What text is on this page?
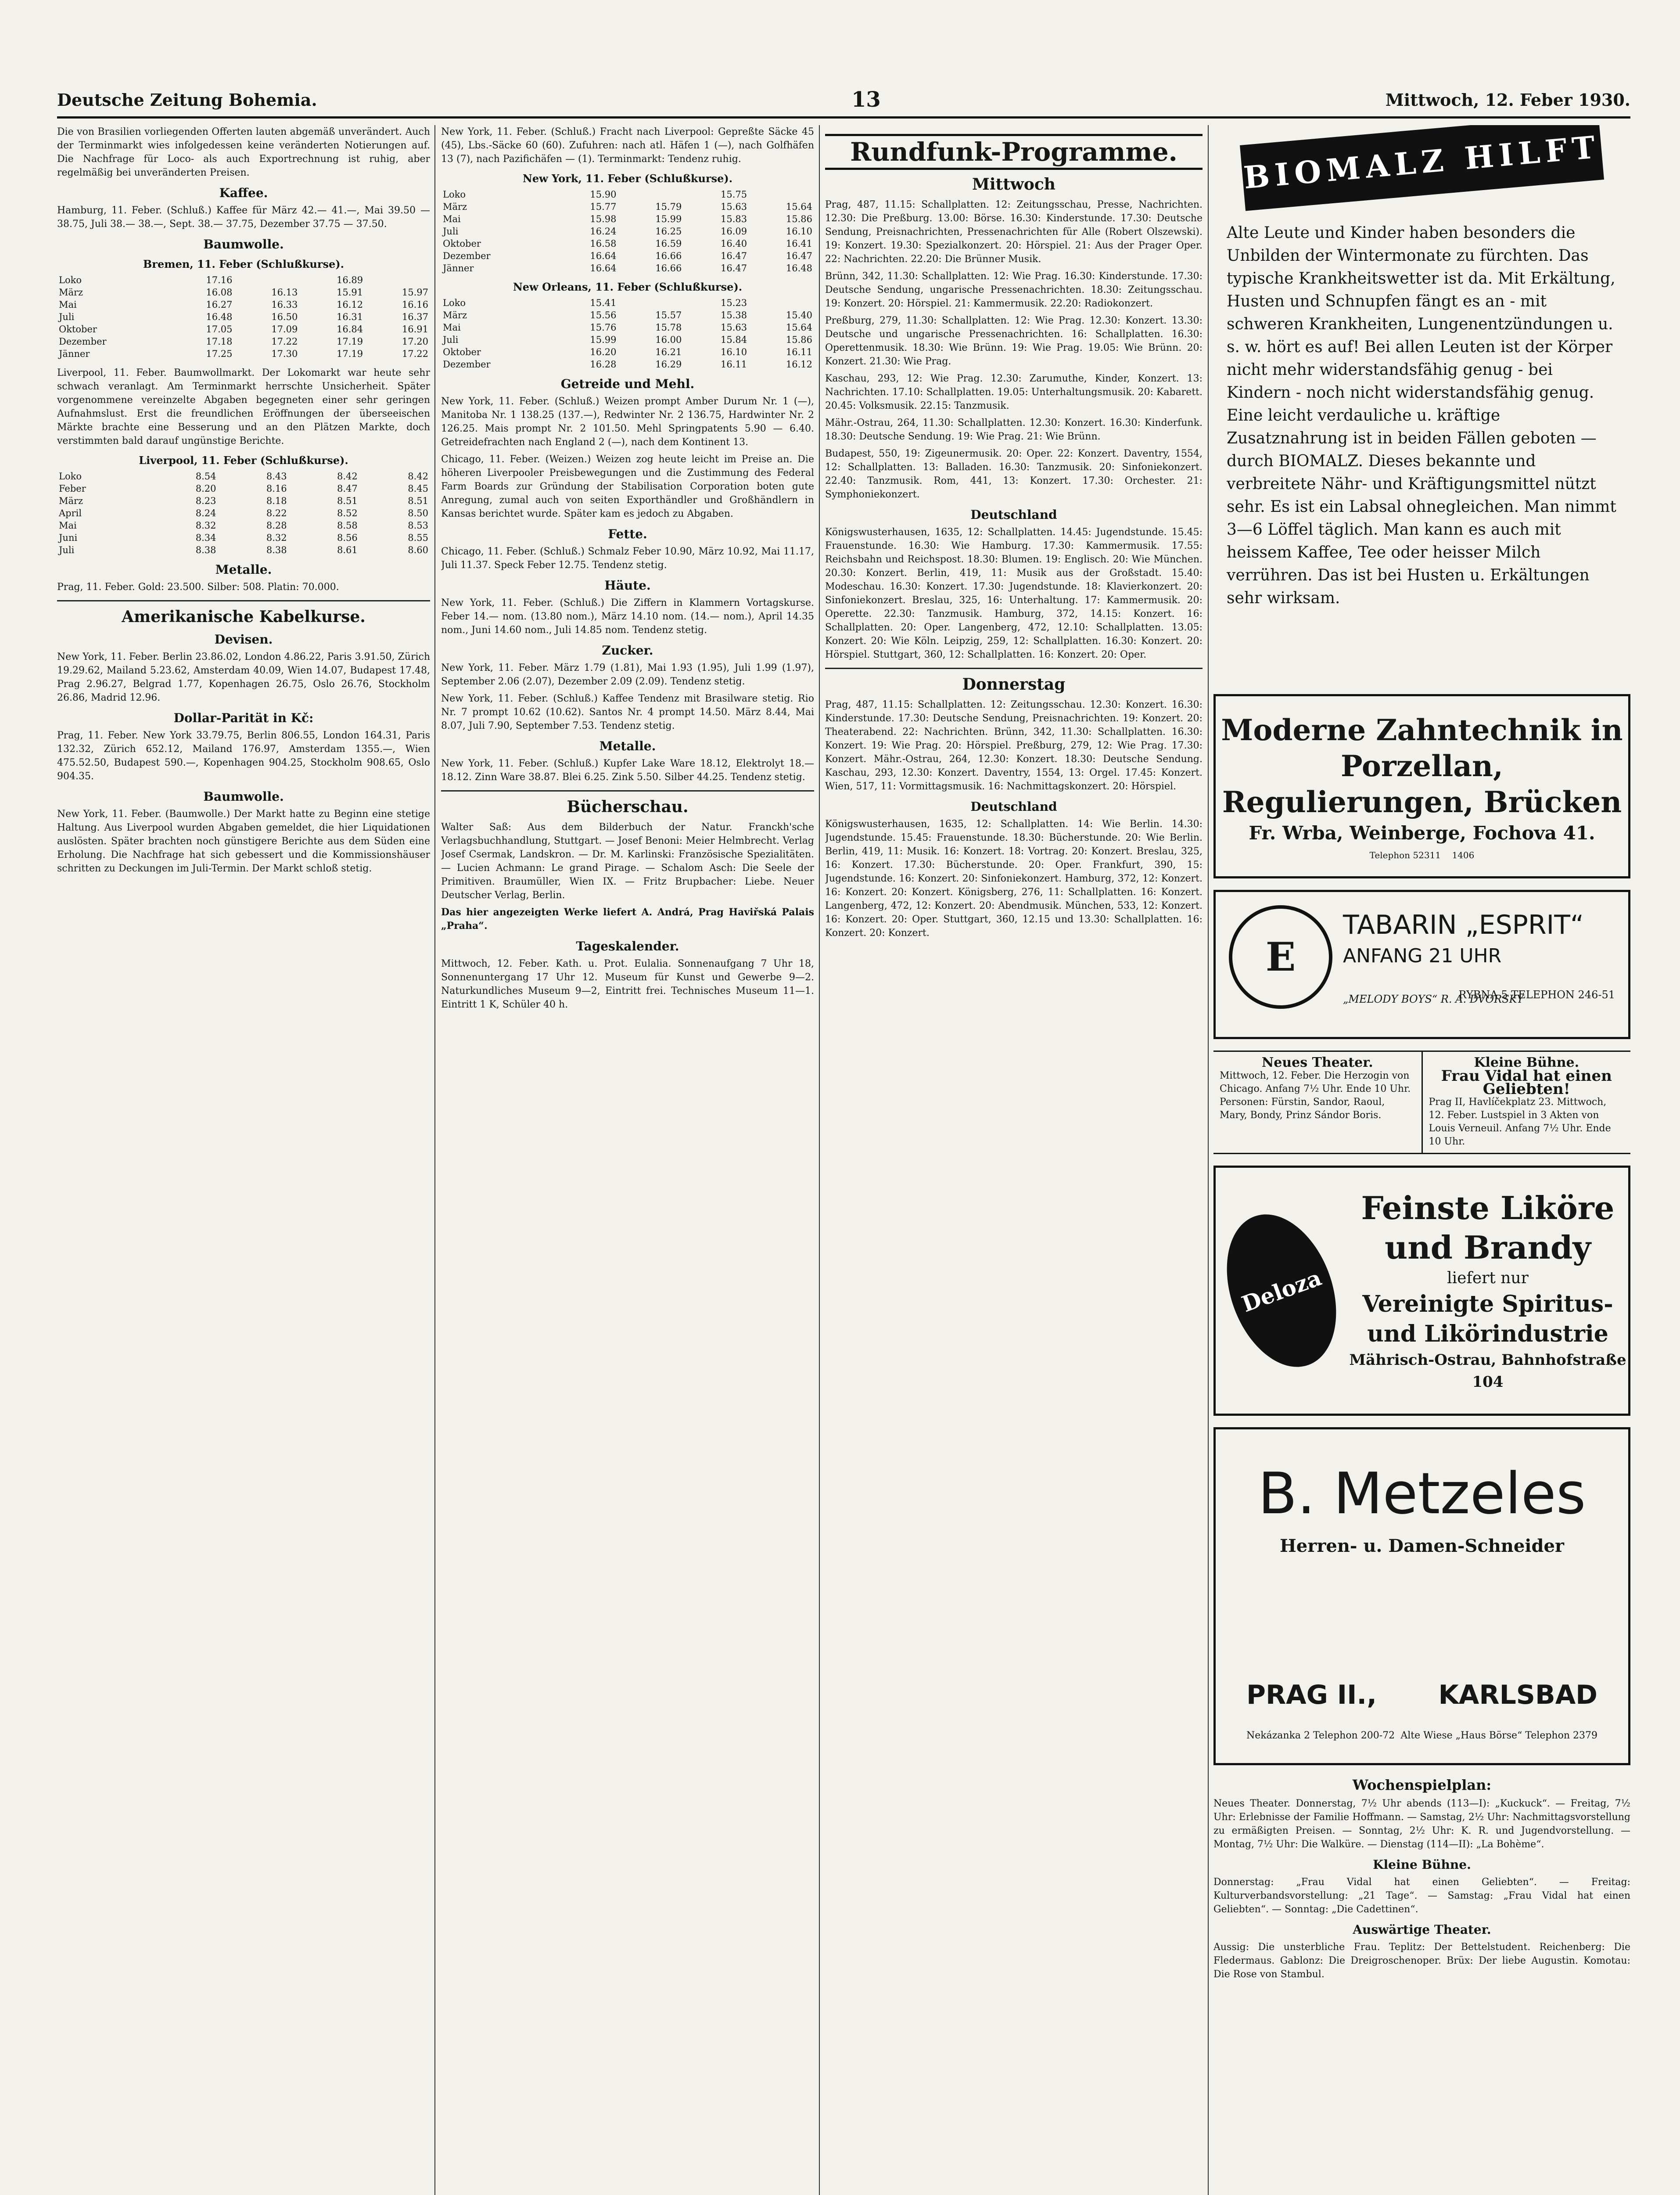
Deutsche Zeitung Bohemia.	13	Mittwoch, 12. Feber 1930.

Die von Brasilien vorliegenden Offerten lauten abgemäß unverändert. Auch der Terminmarkt wies infolgedessen keine veränderten Notierungen auf. Die Nachfrage für Loco- als auch Exportrechnung ist ruhig, aber regelmäßig bei unveränderten Preisen.

Kaffee.

Hamburg, 11. Feber. (Schluß.) Kaffee für März 42.— 41.—, Mai 39.50 — 38.75, Juli 38.— 38.—, Sept. 38.— 37.75, Dezember 37.75 — 37.50.

Baumwolle.
Bremen, 11. Feber (Schlußkurse).
Loko	17.16		16.89	
März	16.08	16.13	15.91	15.97
Mai	16.27	16.33	16.12	16.16
Juli	16.48	16.50	16.31	16.37
Oktober	17.05	17.09	16.84	16.91
Dezember	17.18	17.22	17.19	17.20
Jänner	17.25	17.30	17.19	17.22

Liverpool, 11. Feber. Baumwollmarkt. Der Lokomarkt war heute sehr schwach veranlagt. Am Terminmarkt herrschte Unsicherheit. Später vorgenommene vereinzelte Abgaben begegneten einer sehr geringen Aufnahmslust. Erst die freundlichen Eröffnungen der überseeischen Märkte brachte eine Besserung und an den Plätzen Markte, doch verstimmten bald darauf ungünstige Berichte.

Liverpool, 11. Feber (Schlußkurse).
Loko	8.54	8.43	8.42	8.42
Feber	8.20	8.16	8.47	8.45
März	8.23	8.18	8.51	8.51
April	8.24	8.22	8.52	8.50
Mai	8.32	8.28	8.58	8.53
Juni	8.34	8.32	8.56	8.55
Juli	8.38	8.38	8.61	8.60
Metalle.

Prag, 11. Feber. Gold: 23.500. Silber: 508. Platin: 70.000.

Amerikanische Kabelkurse.
Devisen.

New York, 11. Feber. Berlin 23.86.02, London 4.86.22, Paris 3.91.50, Zürich 19.29.62, Mailand 5.23.62, Amsterdam 40.09, Wien 14.07, Budapest 17.48, Prag 2.96.27, Belgrad 1.77, Kopenhagen 26.75, Oslo 26.76, Stockholm 26.86, Madrid 12.96.

Dollar-Parität in Kč:

Prag, 11. Feber. New York 33.79.75, Berlin 806.55, London 164.31, Paris 132.32, Zürich 652.12, Mailand 176.97, Amsterdam 1355.—, Wien 475.52.50, Budapest 590.—, Kopenhagen 904.25, Stockholm 908.65, Oslo 904.35.

Baumwolle.

New York, 11. Feber. (Baumwolle.) Der Markt hatte zu Beginn eine stetige Haltung. Aus Liverpool wurden Abgaben gemeldet, die hier Liquidationen auslösten. Später brachten noch günstigere Berichte aus dem Süden eine Erholung. Die Nachfrage hat sich gebessert und die Kommissionshäuser schritten zu Deckungen im Juli-Termin. Der Markt schloß stetig.

New York, 11. Feber. (Schluß.) Fracht nach Liverpool: Gepreßte Säcke 45 (45), Lbs.-Säcke 60 (60). Zufuhren: nach atl. Häfen 1 (—), nach Golfhäfen 13 (7), nach Pazifichäfen — (1). Terminmarkt: Tendenz ruhig.

New York, 11. Feber (Schlußkurse).
Loko	15.90		15.75	
März	15.77	15.79	15.63	15.64
Mai	15.98	15.99	15.83	15.86
Juli	16.24	16.25	16.09	16.10
Oktober	16.58	16.59	16.40	16.41
Dezember	16.64	16.66	16.47	16.47
Jänner	16.64	16.66	16.47	16.48
New Orleans, 11. Feber (Schlußkurse).
Loko	15.41		15.23	
März	15.56	15.57	15.38	15.40
Mai	15.76	15.78	15.63	15.64
Juli	15.99	16.00	15.84	15.86
Oktober	16.20	16.21	16.10	16.11
Dezember	16.28	16.29	16.11	16.12
Getreide und Mehl.

New York, 11. Feber. (Schluß.) Weizen prompt Amber Durum Nr. 1 (—), Manitoba Nr. 1 138.25 (137.—), Redwinter Nr. 2 136.75, Hardwinter Nr. 2 126.25. Mais prompt Nr. 2 101.50. Mehl Springpatents 5.90 — 6.40. Getreidefrachten nach England 2 (—), nach dem Kontinent 13.

Chicago, 11. Feber. (Weizen.) Weizen zog heute leicht im Preise an. Die höheren Liverpooler Preisbewegungen und die Zustimmung des Federal Farm Boards zur Gründung der Stabilisation Corporation boten gute Anregung, zumal auch von seiten Exporthändler und Großhändlern in Kansas berichtet wurde. Später kam es jedoch zu Abgaben.

Fette.

Chicago, 11. Feber. (Schluß.) Schmalz Feber 10.90, März 10.92, Mai 11.17, Juli 11.37. Speck Feber 12.75. Tendenz stetig.

Häute.

New York, 11. Feber. (Schluß.) Die Ziffern in Klammern Vortagskurse. Feber 14.— nom. (13.80 nom.), März 14.10 nom. (14.— nom.), April 14.35 nom., Juni 14.60 nom., Juli 14.85 nom. Tendenz stetig.

Zucker.

New York, 11. Feber. März 1.79 (1.81), Mai 1.93 (1.95), Juli 1.99 (1.97), September 2.06 (2.07), Dezember 2.09 (2.09). Tendenz stetig.

New York, 11. Feber. (Schluß.) Kaffee Tendenz mit Brasilware stetig. Rio Nr. 7 prompt 10.62 (10.62). Santos Nr. 4 prompt 14.50. März 8.44, Mai 8.07, Juli 7.90, September 7.53. Tendenz stetig.

Metalle.

New York, 11. Feber. (Schluß.) Kupfer Lake Ware 18.12, Elektrolyt 18.— 18.12. Zinn Ware 38.87. Blei 6.25. Zink 5.50. Silber 44.25. Tendenz stetig.

Bücherschau.

Walter Saß: Aus dem Bilderbuch der Natur. Franckh'sche Verlagsbuchhandlung, Stuttgart. — Josef Benoni: Meier Helmbrecht. Verlag Josef Csermak, Landskron. — Dr. M. Karlinski: Französische Spezialitäten. — Lucien Achmann: Le grand Pirage. — Schalom Asch: Die Seele der Primitiven. Braumüller, Wien IX. — Fritz Brupbacher: Liebe. Neuer Deutscher Verlag, Berlin.

Das hier angezeigten Werke liefert A. Andrá, Prag Haviřská Palais „Praha“.

Tageskalender.

Mittwoch, 12. Feber. Kath. u. Prot. Eulalia. Sonnenaufgang 7 Uhr 18, Sonnenuntergang 17 Uhr 12. Museum für Kunst und Gewerbe 9—2. Naturkundliches Museum 9—2, Eintritt frei. Technisches Museum 11—1. Eintritt 1 K, Schüler 40 h.

Rundfunk-Programme.
Mittwoch

Prag, 487, 11.15: Schallplatten. 12: Zeitungsschau, Presse, Nachrichten. 12.30: Die Preßburg. 13.00: Börse. 16.30: Kinderstunde. 17.30: Deutsche Sendung, Preisnachrichten, Pressenachrichten für Alle (Robert Olszewski). 19: Konzert. 19.30: Spezialkonzert. 20: Hörspiel. 21: Aus der Prager Oper. 22: Nachrichten. 22.20: Die Brünner Musik.

Brünn, 342, 11.30: Schallplatten. 12: Wie Prag. 16.30: Kinderstunde. 17.30: Deutsche Sendung, ungarische Pressenachrichten. 18.30: Zeitungsschau. 19: Konzert. 20: Hörspiel. 21: Kammermusik. 22.20: Radiokonzert.

Preßburg, 279, 11.30: Schallplatten. 12: Wie Prag. 12.30: Konzert. 13.30: Deutsche und ungarische Pressenachrichten. 16: Schallplatten. 16.30: Operettenmusik. 18.30: Wie Brünn. 19: Wie Prag. 19.05: Wie Brünn. 20: Konzert. 21.30: Wie Prag.

Kaschau, 293, 12: Wie Prag. 12.30: Zarumuthe, Kinder, Konzert. 13: Nachrichten. 17.10: Schallplatten. 19.05: Unterhaltungsmusik. 20: Kabarett. 20.45: Volksmusik. 22.15: Tanzmusik.

Mähr.-Ostrau, 264, 11.30: Schallplatten. 12.30: Konzert. 16.30: Kinderfunk. 18.30: Deutsche Sendung. 19: Wie Prag. 21: Wie Brünn.

Budapest, 550, 19: Zigeunermusik. 20: Oper. 22: Konzert. Daventry, 1554, 12: Schallplatten. 13: Balladen. 16.30: Tanzmusik. 20: Sinfoniekonzert. 22.40: Tanzmusik. Rom, 441, 13: Konzert. 17.30: Orchester. 21: Symphoniekonzert.

Deutschland

Königswusterhausen, 1635, 12: Schallplatten. 14.45: Jugendstunde. 15.45: Frauenstunde. 16.30: Wie Hamburg. 17.30: Kammermusik. 17.55: Reichsbahn und Reichspost. 18.30: Blumen. 19: Englisch. 20: Wie München. 20.30: Konzert. Berlin, 419, 11: Musik aus der Großstadt. 15.40: Modeschau. 16.30: Konzert. 17.30: Jugendstunde. 18: Klavierkonzert. 20: Sinfoniekonzert. Breslau, 325, 16: Unterhaltung. 17: Kammermusik. 20: Operette. 22.30: Tanzmusik. Hamburg, 372, 14.15: Konzert. 16: Schallplatten. 20: Oper. Langenberg, 472, 12.10: Schallplatten. 13.05: Konzert. 20: Wie Köln. Leipzig, 259, 12: Schallplatten. 16.30: Konzert. 20: Hörspiel. Stuttgart, 360, 12: Schallplatten. 16: Konzert. 20: Oper.

Donnerstag

Prag, 487, 11.15: Schallplatten. 12: Zeitungsschau. 12.30: Konzert. 16.30: Kinderstunde. 17.30: Deutsche Sendung, Preisnachrichten. 19: Konzert. 20: Theaterabend. 22: Nachrichten. Brünn, 342, 11.30: Schallplatten. 16.30: Konzert. 19: Wie Prag. 20: Hörspiel. Preßburg, 279, 12: Wie Prag. 17.30: Konzert. Mähr.-Ostrau, 264, 12.30: Konzert. 18.30: Deutsche Sendung. Kaschau, 293, 12.30: Konzert. Daventry, 1554, 13: Orgel. 17.45: Konzert. Wien, 517, 11: Vormittagsmusik. 16: Nachmittagskonzert. 20: Hörspiel.

Deutschland

Königswusterhausen, 1635, 12: Schallplatten. 14: Wie Berlin. 14.30: Jugendstunde. 15.45: Frauenstunde. 18.30: Bücherstunde. 20: Wie Berlin. Berlin, 419, 11: Musik. 16: Konzert. 18: Vortrag. 20: Konzert. Breslau, 325, 16: Konzert. 17.30: Bücherstunde. 20: Oper. Frankfurt, 390, 15: Jugendstunde. 16: Konzert. 20: Sinfoniekonzert. Hamburg, 372, 12: Konzert. 16: Konzert. 20: Konzert. Königsberg, 276, 11: Schallplatten. 16: Konzert. Langenberg, 472, 12: Konzert. 20: Abendmusik. München, 533, 12: Konzert. 16: Konzert. 20: Oper. Stuttgart, 360, 12.15 und 13.30: Schallplatten. 16: Konzert. 20: Konzert.

BIOMALZ HILFT
Alte Leute und Kinder haben besonders die Unbilden der Wintermonate zu fürchten. Das typische Krankheitswetter ist da. Mit Erkältung, Husten und Schnupfen fängt es an - mit schweren Krankheiten, Lungenentzündungen u. s. w. hört es auf! Bei allen Leuten ist der Körper nicht mehr widerstandsfähig genug - bei Kindern - noch nicht widerstandsfähig genug. Eine leicht verdauliche u. kräftige Zusatznahrung ist in beiden Fällen geboten — durch BIOMALZ. Dieses bekannte und verbreitete Nähr- und Kräftigungsmittel nützt sehr. Es ist ein Labsal ohnegleichen. Man nimmt 3—6 Löffel täglich. Man kann es auch mit heissem Kaffee, Tee oder heisser Milch verrühren. Das ist bei Husten u. Erkältungen sehr wirksam.
Moderne Zahntechnik in Porzellan, Regulierungen, Brücken
Fr. Wrba, Weinberge, Fochova 41.
Telephon 52311 1406
E
TABARIN „ESPRIT“
ANFANG 21 UHR
„MELODY BOYS“ R. A. DVORSKY
RYBNA 5 TELEPHON 246-51
Neues Theater.
Mittwoch, 12. Feber. Die Herzogin von Chicago. Anfang 7½ Uhr. Ende 10 Uhr. Personen: Fürstin, Sandor, Raoul, Mary, Bondy, Prinz Sándor Boris.
Kleine Bühne.
Frau Vidal hat einen Geliebten!
Prag II, Havlíčekplatz 23. Mittwoch, 12. Feber. Lustspiel in 3 Akten von Louis Verneuil. Anfang 7½ Uhr. Ende 10 Uhr.
Deloza
Feinste Liköre und Brandy
liefert nur
Vereinigte Spiritus- und Likörindustrie
Mährisch-Ostrau, Bahnhofstraße 104
B. Metzeles
Herren- u. Damen-Schneider
PRAG II., KARLSBAD
Nekázanka 2 Telephon 200-72 Alte Wiese „Haus Börse“ Telephon 2379
Wochenspielplan:

Neues Theater. Donnerstag, 7½ Uhr abends (113—I): „Kuckuck“. — Freitag, 7½ Uhr: Erlebnisse der Familie Hoffmann. — Samstag, 2½ Uhr: Nachmittagsvorstellung zu ermäßigten Preisen. — Sonntag, 2½ Uhr: K. R. und Jugendvorstellung. — Montag, 7½ Uhr: Die Walküre. — Dienstag (114—II): „La Bohème“.

Kleine Bühne.

Donnerstag: „Frau Vidal hat einen Geliebten“. — Freitag: Kulturverbandsvorstellung: „21 Tage“. — Samstag: „Frau Vidal hat einen Geliebten“. — Sonntag: „Die Cadettinen“.

Auswärtige Theater.

Aussig: Die unsterbliche Frau. Teplitz: Der Bettelstudent. Reichenberg: Die Fledermaus. Gablonz: Die Dreigroschenoper. Brüx: Der liebe Augustin. Komotau: Die Rose von Stambul.
